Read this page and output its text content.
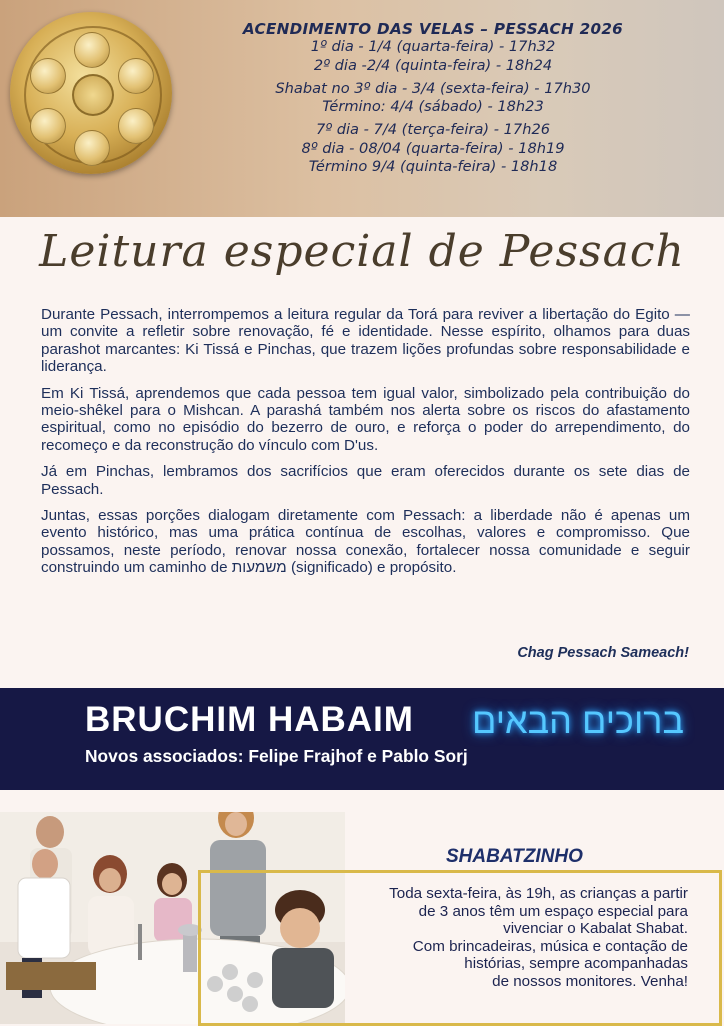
ACENDIMENTO DAS VELAS – PESSACH 2026
1º dia - 1/4 (quarta-feira) - 17h32
2º dia -2/4 (quinta-feira) - 18h24
Shabat no 3º dia - 3/4 (sexta-feira) - 17h30
Término: 4/4 (sábado) - 18h23
7º dia - 7/4 (terça-feira) - 17h26
8º dia - 08/04 (quarta-feira) - 18h19
Término 9/4 (quinta-feira) - 18h18
Leitura especial de Pessach

Durante Pessach, interrompemos a leitura regular da Torá para reviver a libertação do Egito — um convite a refletir sobre renovação, fé e identidade. Nesse espírito, olhamos para duas parashot marcantes: Ki Tissá e Pinchas, que trazem lições profundas sobre responsabilidade e liderança.

Em Ki Tissá, aprendemos que cada pessoa tem igual valor, simbolizado pela contribuição do meio-shêkel para o Mishcan. A parashá também nos alerta sobre os riscos do afastamento espiritual, como no episódio do bezerro de ouro, e reforça o poder do arrependimento, do recomeço e da reconstrução do vínculo com D'us.

Já em Pinchas, lembramos dos sacrifícios que eram oferecidos durante os sete dias de Pessach.

Juntas, essas porções dialogam diretamente com Pessach: a liberdade não é apenas um evento histórico, mas uma prática contínua de escolhas, valores e compromisso. Que possamos, neste período, renovar nossa conexão, fortalecer nossa comunidade e seguir construindo um caminho de משמעות (significado) e propósito.

Chag Pessach Sameach!
BRUCHIM HABAIM ברוכים הבאים
Novos associados: Felipe Frajhof e Pablo Sorj
SHABATZINHO
Toda sexta-feira, às 19h, as crianças a partir
de 3 anos têm um espaço especial para
vivenciar o Kabalat Shabat.
Com brincadeiras, música e contação de
histórias, sempre acompanhadas
de nossos monitores. Venha!
